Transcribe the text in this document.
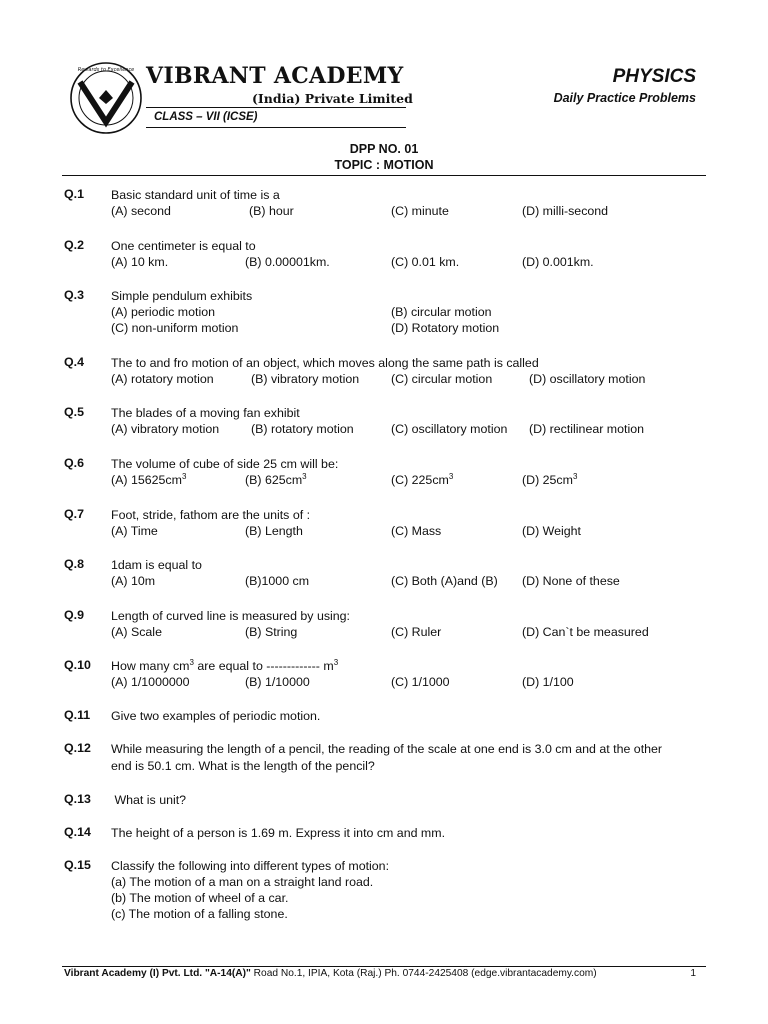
Rewards to Excellence VIBRANT ACADEMY
(India) Private Limited
CLASS – VII (ICSE)
PHYSICS
Daily Practice Problems
DPP NO. 01
TOPIC : MOTION
Q.1 Basic standard unit of time is a
(A) second	(B) hour	(C) minute	(D) milli-second
Q.2 One centimeter is equal to
(A) 10 km.	(B) 0.00001km.	(C) 0.01 km.	(D) 0.001km.
Q.3 Simple pendulum exhibits
(A) periodic motion	(B) circular motion
(C) non-uniform motion	(D) Rotatory motion
Q.4 The to and fro motion of an object, which moves along the same path is called
(A) rotatory motion	(B) vibratory motion	(C) circular motion	(D) oscillatory motion
Q.5 The blades of a moving fan exhibit
(A) vibratory motion	(B) rotatory motion	(C) oscillatory motion (D) rectilinear motion
Q.6 The volume of cube of side 25 cm will be:
(A) $15625cm^3$	(B) $625cm^3$	(C) $225cm^3$	(D) $25cm^3$
Q.7 Foot, stride, fathom are the units of :
(A) Time	(B) Length	(C) Mass	(D) Weight
Q.8 1dam is equal to
(A) 10m	(B)1000 cm	(C) Both (A)and (B) (D) None of these
Q.9 Length of curved line is measured by using:
(A) Scale	(B) String	(C) Ruler	(D) Can`t be measured
Q.10 How many $cm^3$ are equal to ------------- $m^3$
(A) 1/1000000	(B) 1/10000	(C) 1/1000	(D) 1/100
Q.11 Give two examples of periodic motion.
Q.12 While measuring the length of a pencil, the reading of the scale at one end is 3.0 cm and at the other
end is 50.1 cm. What is the length of the pencil?
Q.13 What is unit?
Q.14 The height of a person is 1.69 m. Express it into cm and mm.
Q.15 Classify the following into different types of motion:
(a) The motion of a man on a straight land road.
(b) The motion of wheel of a car.
(c) The motion of a falling stone.
Vibrant Academy (I) Pvt. Ltd. "A-14(A)" Road No.1, IPIA, Kota (Raj.) Ph. 0744-2425408 (edge.vibrantacademy.com)	1
